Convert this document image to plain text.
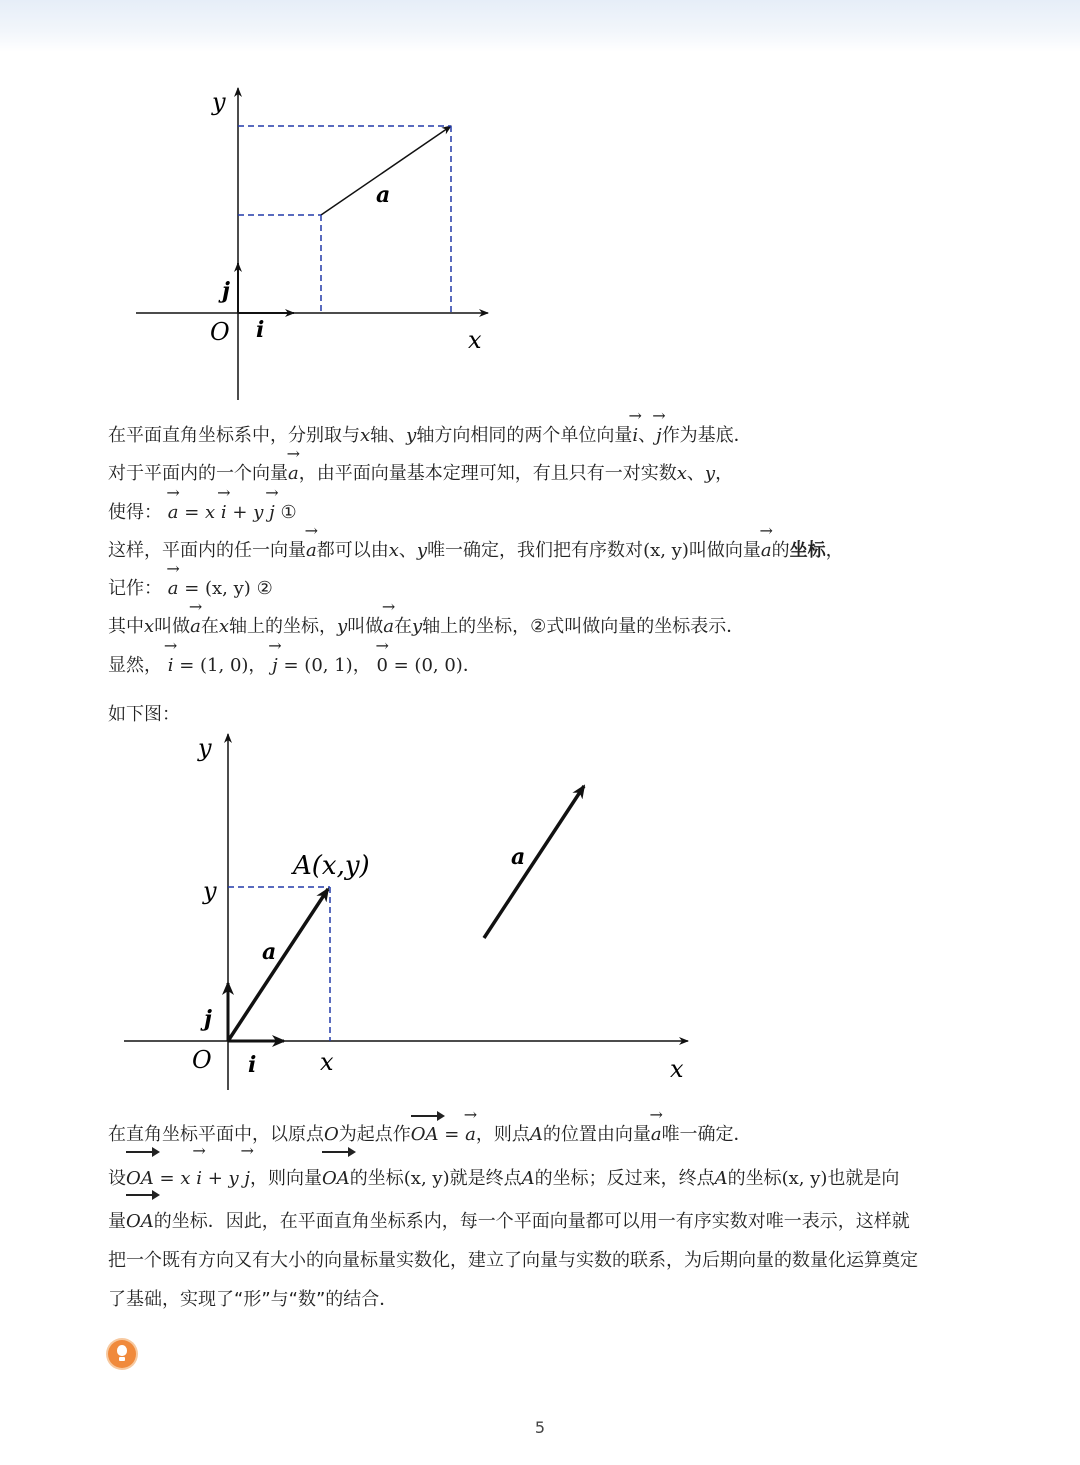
y
x
O i
j
a
在平面直角坐标系中，分别取与x轴、y轴方向相同的两个单位向量→ i、→ j作为基底．
对于平面内的一个向量→ a，由平面向量基本定理可知，有且只有一对实数x、y，
使得： → a = x → i + y → j ①
这样，平面内的任一向量→ a都可以由x、y唯一确定，我们把有序数对(x, y)叫做向量→ a的坐标，
记作： → a = (x, y) ②
其中x叫做→ a在x轴上的坐标，y叫做→ a在y轴上的坐标，②式叫做向量的坐标表示．
显然， → i = (1, 0)， → j = (0, 1)， → 0 = (0, 0)．
如下图：
y
x
O i
j
A(x,y)
y
x
a
a
在直角坐标平面中，以原点O为起点作
OA = → a，则点A的位置由向量→ a唯一确定．
设
OA = x → i + y → j，则向量
OA的坐标(x, y)就是终点A的坐标；反过来，终点A的坐标(x, y)也就是向
量
OA的坐标．因此，在平面直角坐标系内，每一个平面向量都可以用一有序实数对唯一表示，这样就
把一个既有方向又有大小的向量标量实数化，建立了向量与实数的联系，为后期向量的数量化运算奠定
了基础，实现了“形”与“数”的结合．
5
